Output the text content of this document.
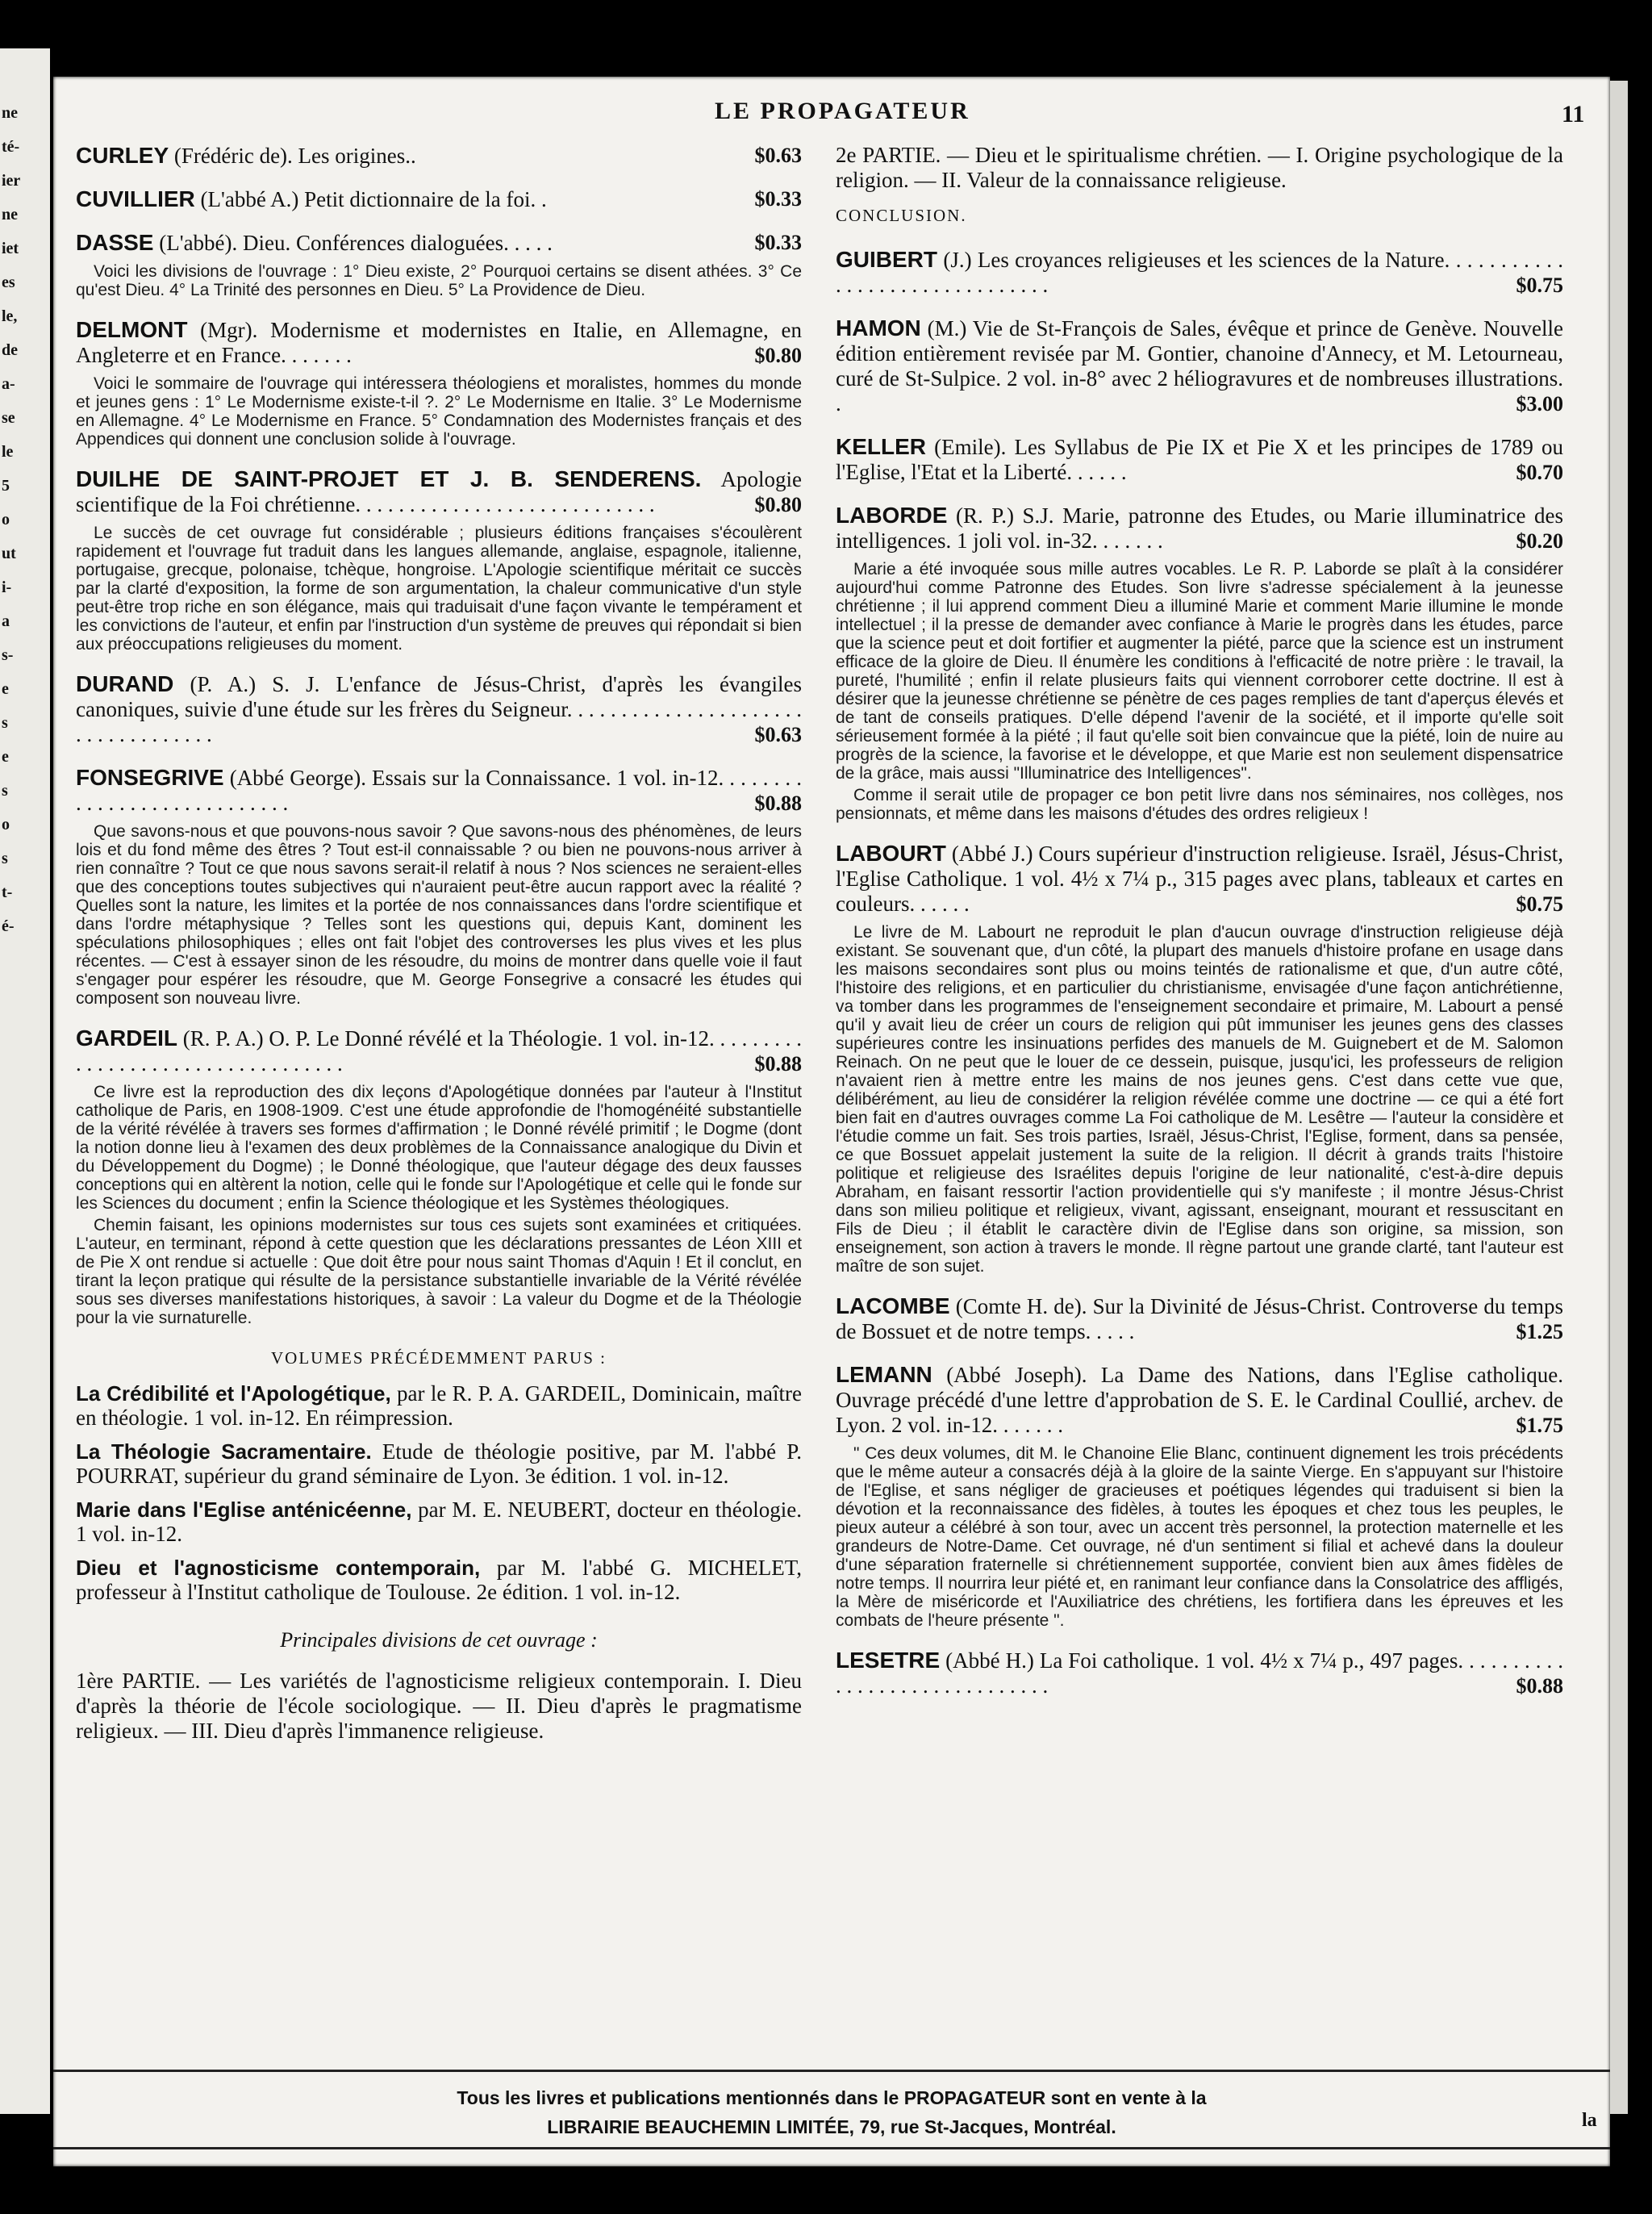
ne
té-
ier
ne
iet
es
le,
de
a-
se
le
5
o
ut
i-
a
s-
e
s
e
s
o
s
t-
é-
LE PROPAGATEUR	11

CURLEY (Frédéric de). Les origines..	$0.63

CUVILLIER (L'abbé A.) Petit dictionnaire de la foi. .	$0.33

DASSE (L'abbé). Dieu. Conférences dialoguées. . . . .	$0.33

Voici les divisions de l'ouvrage : 1° Dieu existe, 2° Pourquoi certains se disent athées. 3° Ce qu'est Dieu. 4° La Trinité des personnes en Dieu. 5° La Providence de Dieu.

DELMONT (Mgr). Modernisme et modernistes en Italie, en Allemagne, en Angleterre et en France. . . . . . .	$0.80

Voici le sommaire de l'ouvrage qui intéressera théologiens et moralistes, hommes du monde et jeunes gens : 1° Le Modernisme existe-t-il ?. 2° Le Modernisme en Italie. 3° Le Modernisme en Allemagne. 4° Le Modernisme en France. 5° Condamnation des Modernistes français et des Appendices qui donnent une conclusion solide à l'ouvrage.

DUILHE DE SAINT-PROJET ET J. B. SENDERENS. Apologie scientifique de la Foi chrétienne. . . . . . . . . . . . . . . . . . . . . . . . . . . .	$0.80

Le succès de cet ouvrage fut considérable ; plusieurs éditions françaises s'écoulèrent rapidement et l'ouvrage fut traduit dans les langues allemande, anglaise, espagnole, italienne, portugaise, grecque, polonaise, tchèque, hongroise. L'Apologie scientifique méritait ce succès par la clarté d'exposition, la forme de son argumentation, la chaleur communicative d'un style peut-être trop riche en son élégance, mais qui traduisait d'une façon vivante le tempérament et les convictions de l'auteur, et enfin par l'instruction d'un système de preuves qui répondait si bien aux préoccupations religieuses du moment.

DURAND (P. A.) S. J. L'enfance de Jésus-Christ, d'après les évangiles canoniques, suivie d'une étude sur les frères du Seigneur. . . . . . . . . . . . . . . . . . . . . . . . . . . . . . . . . . .	$0.63

FONSEGRIVE (Abbé George). Essais sur la Connaissance. 1 vol. in-12. . . . . . . . . . . . . . . . . . . . . . . . . . . .	$0.88

Que savons-nous et que pouvons-nous savoir ? Que savons-nous des phénomènes, de leurs lois et du fond même des êtres ? Tout est-il connaissable ? ou bien ne pouvons-nous arriver à rien connaître ? Tout ce que nous savons serait-il relatif à nous ? Nos sciences ne seraient-elles que des conceptions toutes subjectives qui n'auraient peut-être aucun rapport avec la réalité ? Quelles sont la nature, les limites et la portée de nos connaissances dans l'ordre scientifique et dans l'ordre métaphysique ? Telles sont les questions qui, depuis Kant, dominent les spéculations philosophiques ; elles ont fait l'objet des controverses les plus vives et les plus récentes. — C'est à essayer sinon de les résoudre, du moins de montrer dans quelle voie il faut s'engager pour espérer les résoudre, que M. George Fonsegrive a consacré les études qui composent son nouveau livre.

GARDEIL (R. P. A.) O. P. Le Donné révélé et la Théologie. 1 vol. in-12. . . . . . . . . . . . . . . . . . . . . . . . . . . . . . . . . .	$0.88

Ce livre est la reproduction des dix leçons d'Apologétique données par l'auteur à l'Institut catholique de Paris, en 1908-1909. C'est une étude approfondie de l'homogénéité substantielle de la vérité révélée à travers ses formes d'affirmation ; le Donné révélé primitif ; le Dogme (dont la notion donne lieu à l'examen des deux problèmes de la Connaissance analogique du Divin et du Développement du Dogme) ; le Donné théologique, que l'auteur dégage des deux fausses conceptions qui en altèrent la notion, celle qui le fonde sur l'Apologétique et celle qui le fonde sur les Sciences du document ; enfin la Science théologique et les Systèmes théologiques.

Chemin faisant, les opinions modernistes sur tous ces sujets sont examinées et critiquées. L'auteur, en terminant, répond à cette question que les déclarations pressantes de Léon XIII et de Pie X ont rendue si actuelle : Que doit être pour nous saint Thomas d'Aquin ! Et il conclut, en tirant la leçon pratique qui résulte de la persistance substantielle invariable de la Vérité révélée sous ses diverses manifestations historiques, à savoir : La valeur du Dogme et de la Théologie pour la vie surnaturelle.

VOLUMES PRÉCÉDEMMENT PARUS :

La Crédibilité et l'Apologétique, par le R. P. A. GARDEIL, Dominicain, maître en théologie. 1 vol. in-12. En réimpression.

La Théologie Sacramentaire. Etude de théologie positive, par M. l'abbé P. POURRAT, supérieur du grand séminaire de Lyon. 3e édition. 1 vol. in-12.

Marie dans l'Eglise anténicéenne, par M. E. NEUBERT, docteur en théologie. 1 vol. in-12.

Dieu et l'agnosticisme contemporain, par M. l'abbé G. MICHELET, professeur à l'Institut catholique de Toulouse. 2e édition. 1 vol. in-12.

Principales divisions de cet ouvrage :

1ère PARTIE. — Les variétés de l'agnosticisme religieux contemporain. I. Dieu d'après la théorie de l'école sociologique. — II. Dieu d'après le pragmatisme religieux. — III. Dieu d'après l'immanence religieuse.

2e PARTIE. — Dieu et le spiritualisme chrétien. — I. Origine psychologique de la religion. — II. Valeur de la connaissance religieuse.

CONCLUSION.

GUIBERT (J.) Les croyances religieuses et les sciences de la Nature. . . . . . . . . . . . . . . . . . . . . . . . . . . . . . .	$0.75

HAMON (M.) Vie de St-François de Sales, évêque et prince de Genève. Nouvelle édition entièrement revisée par M. Gontier, chanoine d'Annecy, et M. Letourneau, curé de St-Sulpice. 2 vol. in-8° avec 2 héliogravures et de nombreuses illustrations. .	$3.00

KELLER (Emile). Les Syllabus de Pie IX et Pie X et les principes de 1789 ou l'Eglise, l'Etat et la Liberté. . . . . .	$0.70

LABORDE (R. P.) S.J. Marie, patronne des Etudes, ou Marie illuminatrice des intelligences. 1 joli vol. in-32. . . . . . .	$0.20

Marie a été invoquée sous mille autres vocables. Le R. P. Laborde se plaît à la considérer aujourd'hui comme Patronne des Etudes. Son livre s'adresse spécialement à la jeunesse chrétienne ; il lui apprend comment Dieu a illuminé Marie et comment Marie illumine le monde intellectuel ; il la presse de demander avec confiance à Marie le progrès dans les études, parce que la science peut et doit fortifier et augmenter la piété, parce que la science est un instrument efficace de la gloire de Dieu. Il énumère les conditions à l'efficacité de notre prière : le travail, la pureté, l'humilité ; enfin il relate plusieurs faits qui viennent corroborer cette doctrine. Il est à désirer que la jeunesse chrétienne se pénètre de ces pages remplies de tant d'aperçus élevés et de tant de conseils pratiques. D'elle dépend l'avenir de la société, et il importe qu'elle soit sérieusement formée à la piété ; il faut qu'elle soit bien convaincue que la piété, loin de nuire au progrès de la science, la favorise et le développe, et que Marie est non seulement dispensatrice de la grâce, mais aussi "Illuminatrice des Intelligences".

Comme il serait utile de propager ce bon petit livre dans nos séminaires, nos collèges, nos pensionnats, et même dans les maisons d'études des ordres religieux !

LABOURT (Abbé J.) Cours supérieur d'instruction religieuse. Israël, Jésus-Christ, l'Eglise Catholique. 1 vol. 4½ x 7¼ p., 315 pages avec plans, tableaux et cartes en couleurs. . . . . .	$0.75

Le livre de M. Labourt ne reproduit le plan d'aucun ouvrage d'instruction religieuse déjà existant. Se souvenant que, d'un côté, la plupart des manuels d'histoire profane en usage dans les maisons secondaires sont plus ou moins teintés de rationalisme et que, d'un autre côté, l'histoire des religions, et en particulier du christianisme, envisagée d'une façon antichrétienne, va tomber dans les programmes de l'enseignement secondaire et primaire, M. Labourt a pensé qu'il y avait lieu de créer un cours de religion qui pût immuniser les jeunes gens des classes supérieures contre les insinuations perfides des manuels de M. Guignebert et de M. Salomon Reinach. On ne peut que le louer de ce dessein, puisque, jusqu'ici, les professeurs de religion n'avaient rien à mettre entre les mains de nos jeunes gens. C'est dans cette vue que, délibérément, au lieu de considérer la religion révélée comme une doctrine — ce qui a été fort bien fait en d'autres ouvrages comme La Foi catholique de M. Lesêtre — l'auteur la considère et l'étudie comme un fait. Ses trois parties, Israël, Jésus-Christ, l'Eglise, forment, dans sa pensée, ce que Bossuet appelait justement la suite de la religion. Il décrit à grands traits l'histoire politique et religieuse des Israélites depuis l'origine de leur nationalité, c'est-à-dire depuis Abraham, en faisant ressortir l'action providentielle qui s'y manifeste ; il montre Jésus-Christ dans son milieu politique et religieux, vivant, agissant, enseignant, mourant et ressuscitant en Fils de Dieu ; il établit le caractère divin de l'Eglise dans son origine, sa mission, son enseignement, son action à travers le monde. Il règne partout une grande clarté, tant l'auteur est maître de son sujet.

LACOMBE (Comte H. de). Sur la Divinité de Jésus-Christ. Controverse du temps de Bossuet et de notre temps. . . . .	$1.25

LEMANN (Abbé Joseph). La Dame des Nations, dans l'Eglise catholique. Ouvrage précédé d'une lettre d'approbation de S. E. le Cardinal Coullié, archev. de Lyon. 2 vol. in-12. . . . . . .	$1.75

" Ces deux volumes, dit M. le Chanoine Elie Blanc, continuent dignement les trois précédents que le même auteur a consacrés déjà à la gloire de la sainte Vierge. En s'appuyant sur l'histoire de l'Eglise, et sans négliger de gracieuses et poétiques légendes qui traduisent si bien la dévotion et la reconnaissance des fidèles, à toutes les époques et chez tous les peuples, le pieux auteur a célébré à son tour, avec un accent très personnel, la protection maternelle et les grandeurs de Notre-Dame. Cet ouvrage, né d'un sentiment si filial et achevé dans la douleur d'une séparation fraternelle si chrétiennement supportée, convient bien aux âmes fidèles de notre temps. Il nourrira leur piété et, en ranimant leur confiance dans la Consolatrice des affligés, la Mère de miséricorde et l'Auxiliatrice des chrétiens, les fortifiera dans les épreuves et les combats de l'heure présente ".

LESETRE (Abbé H.) La Foi catholique. 1 vol. 4½ x 7¼ p., 497 pages. . . . . . . . . . . . . . . . . . . . . . . . . . . . . .	$0.88

Tous les livres et publications mentionnés dans le PROPAGATEUR sont en vente à la
LIBRAIRIE BEAUCHEMIN LIMITÉE, 79, rue St-Jacques, Montréal.	la
